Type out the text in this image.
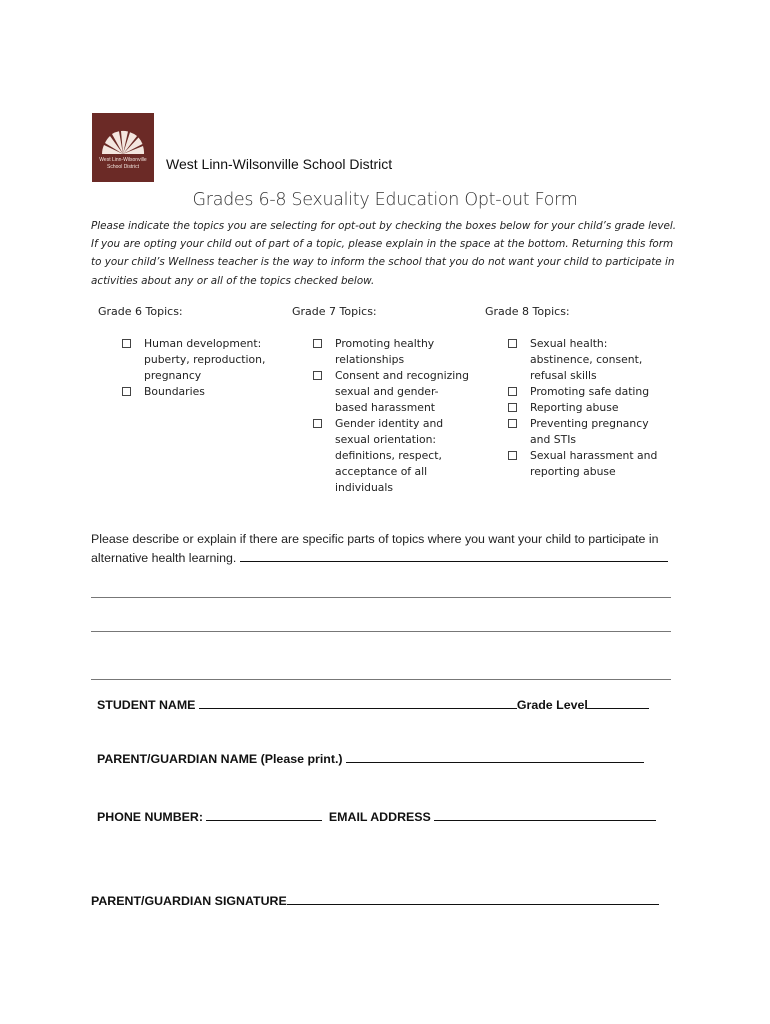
West Linn-Wilsonville
School District	West Linn-Wilsonville School District
Grades 6-8 Sexuality Education Opt-out Form
Please indicate the topics you are selecting for opt-out by checking the boxes below for your child’s grade level. If you are opting your child out of part of a topic, please explain in the space at the bottom. Returning this form to your child’s Wellness teacher is the way to inform the school that you do not want your child to participate in activities about any or all of the topics checked below.
Grade 6 Topics:
Human development: puberty, reproduction, pregnancy
Boundaries
Grade 7 Topics:
Promoting healthy relationships
Consent and recognizing sexual and gender-based harassment
Gender identity and sexual orientation: definitions, respect, acceptance of all individuals
Grade 8 Topics:
Sexual health: abstinence, consent, refusal skills
Promoting safe dating
Reporting abuse
Preventing pregnancy and STIs
Sexual harassment and reporting abuse
Please describe or explain if there are specific parts of topics where you want your child to participate in alternative health learning.
STUDENT NAME	Grade Level
PARENT/GUARDIAN NAME (Please print.)
PHONE NUMBER:	EMAIL ADDRESS
PARENT/GUARDIAN SIGNATURE
